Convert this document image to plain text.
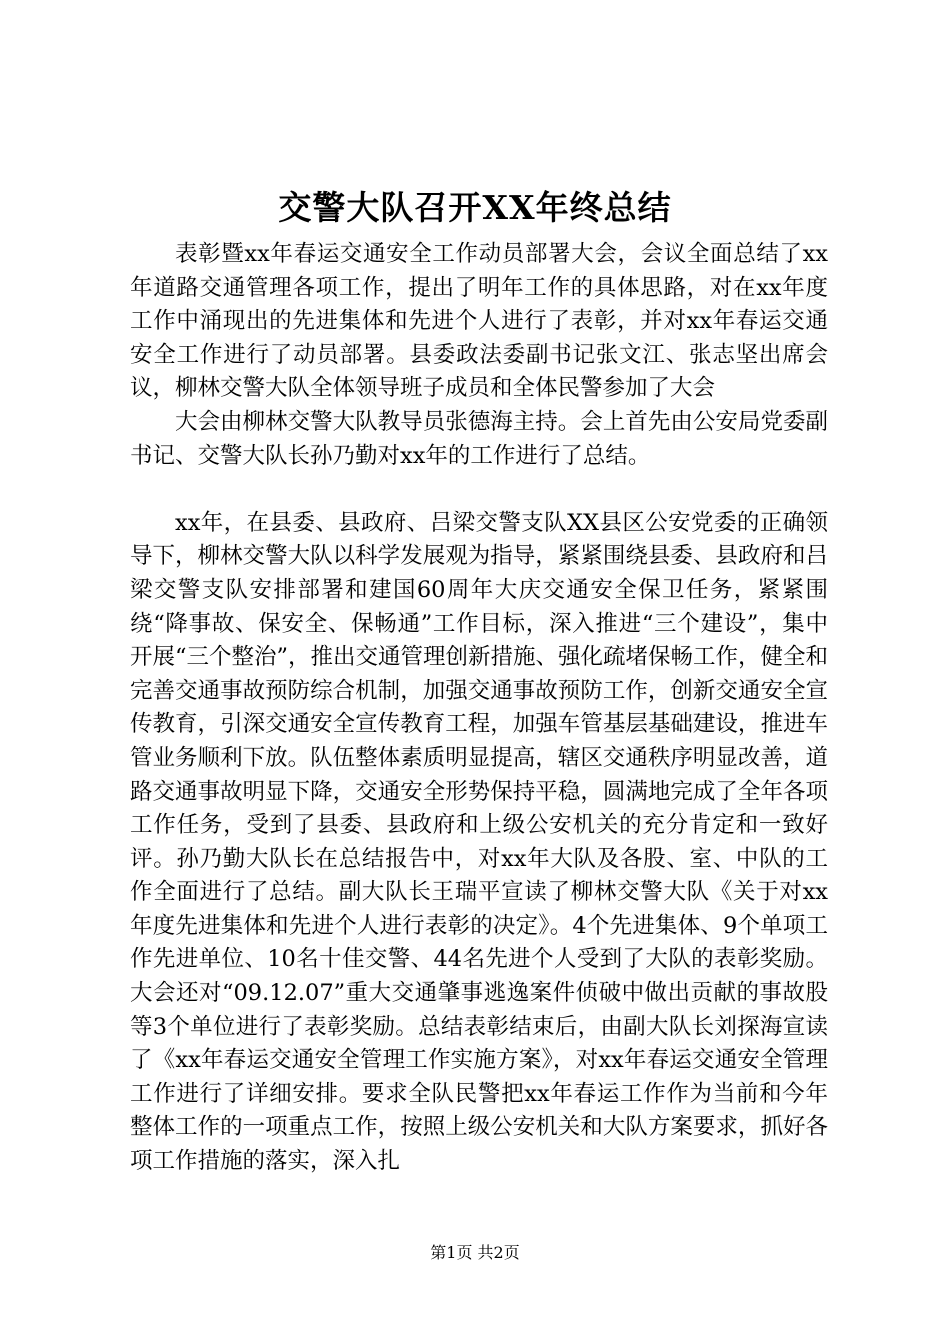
交警大队召开XX年终总结

表彰暨xx年春运交通安全工作动员部署大会，会议全面总结了xx年道路交通管理各项工作，提出了明年工作的具体思路，对在xx年度工作中涌现出的先进集体和先进个人进行了表彰，并对xx年春运交通安全工作进行了动员部署。县委政法委副书记张文江、张志坚出席会议，柳林交警大队全体领导班子成员和全体民警参加了大会

大会由柳林交警大队教导员张德海主持。会上首先由公安局党委副书记、交警大队长孙乃勤对xx年的工作进行了总结。

xx年，在县委、县政府、吕梁交警支队XX县区公安党委的正确领导下，柳林交警大队以科学发展观为指导，紧紧围绕县委、县政府和吕梁交警支队安排部署和建国60周年大庆交通安全保卫任务，紧紧围绕“降事故、保安全、保畅通”工作目标，深入推进“三个建设”，集中开展“三个整治”，推出交通管理创新措施、强化疏堵保畅工作，健全和完善交通事故预防综合机制，加强交通事故预防工作，创新交通安全宣传教育，引深交通安全宣传教育工程，加强车管基层基础建设，推进车管业务顺利下放。队伍整体素质明显提高，辖区交通秩序明显改善，道路交通事故明显下降，交通安全形势保持平稳，圆满地完成了全年各项工作任务，受到了县委、县政府和上级公安机关的充分肯定和一致好评。孙乃勤大队长在总结报告中，对xx年大队及各股、室、中队的工作全面进行了总结。副大队长王瑞平宣读了柳林交警大队《关于对xx年度先进集体和先进个人进行表彰的决定》。4个先进集体、9个单项工作先进单位、10名十佳交警、44名先进个人受到了大队的表彰奖励。大会还对“09.12.07”重大交通肇事逃逸案件侦破中做出贡献的事故股等3个单位进行了表彰奖励。总结表彰结束后，由副大队长刘探海宣读了《xx年春运交通安全管理工作实施方案》，对xx年春运交通安全管理工作进行了详细安排。要求全队民警把xx年春运工作作为当前和今年整体工作的一项重点工作，按照上级公安机关和大队方案要求，抓好各项工作措施的落实，深入扎

第1页 共2页
